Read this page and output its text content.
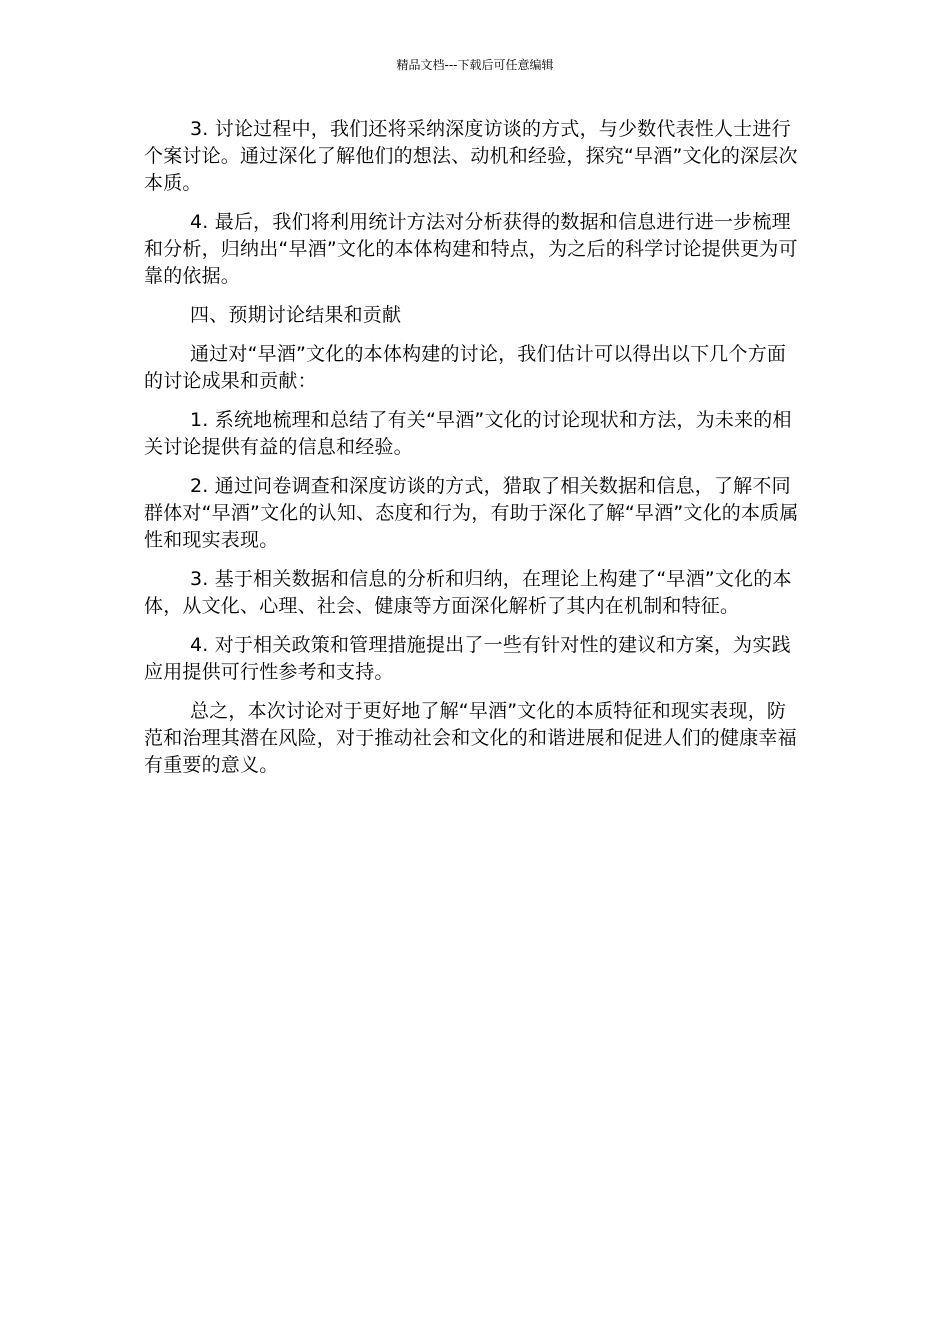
精品文档---下载后可任意编辑

3. 讨论过程中，我们还将采纳深度访谈的方式，与少数代表性人士进行个案讨论。通过深化了解他们的想法、动机和经验，探究“早酒”文化的深层次本质。

4. 最后，我们将利用统计方法对分析获得的数据和信息进行进一步梳理和分析，归纳出“早酒”文化的本体构建和特点，为之后的科学讨论提供更为可靠的依据。

四、预期讨论结果和贡献

通过对“早酒”文化的本体构建的讨论，我们估计可以得出以下几个方面的讨论成果和贡献：

1. 系统地梳理和总结了有关“早酒”文化的讨论现状和方法，为未来的相关讨论提供有益的信息和经验。

2. 通过问卷调查和深度访谈的方式，猎取了相关数据和信息，了解不同群体对“早酒”文化的认知、态度和行为，有助于深化了解“早酒”文化的本质属性和现实表现。

3. 基于相关数据和信息的分析和归纳，在理论上构建了“早酒”文化的本体，从文化、心理、社会、健康等方面深化解析了其内在机制和特征。

4. 对于相关政策和管理措施提出了一些有针对性的建议和方案，为实践应用提供可行性参考和支持。

总之，本次讨论对于更好地了解“早酒”文化的本质特征和现实表现，防范和治理其潜在风险，对于推动社会和文化的和谐进展和促进人们的健康幸福有重要的意义。
